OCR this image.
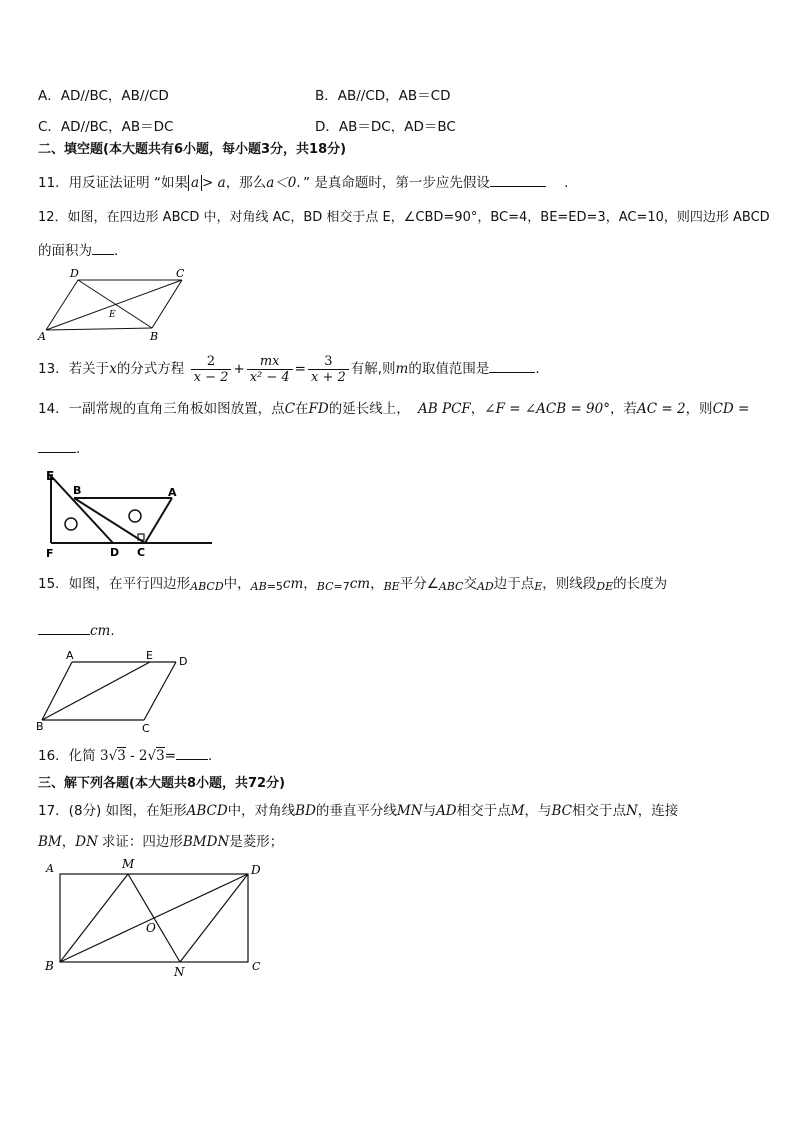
A．AD//BC，AB//CD	B．AB//CD，AB＝CD
C．AD//BC，AB＝DC	D．AB＝DC，AD＝BC
二、填空题(本大题共有6小题，每小题3分，共18分)
11．用反证法证明 “如果 a > a，那么a＜0．” 是真命题时，第一步应先假设	.
12．如图，在四边形 ABCD 中，对角线 AC，BD 相交于点 E，∠CBD=90°，BC=4，BE=ED=3，AC=10，则四边形 ABCD
的面积为 .
D	C
E
A	B
13．若关于x的分式方程 $\frac{2}{x - 2} + \frac{mx}{\text{x² − 4}} = \frac{3}{x + 2}$ 有解,则m的取值范围是	.
14．一副常规的直角三角板如图放置，点C在FD的延长线上， AB PCF，∠F = ∠ACB = 90°，若AC = 2，则CD =
.
E
B	A
F	D C
15．如图，在平行四边形ABCD中，AB=5cm，BC=7cm，BE平分∠ABC交AD边于点E，则线段DE的长度为
cm.
A	E D
B	C
16．化简 3√3 - 2√3= .
三、解下列各题(本大题共8小题，共72分)
17．(8分) 如图，在矩形ABCD中，对角线BD的垂直平分线MN与AD相交于点M，与BC相交于点N，连接
BM，DN 求证：四边形BMDN是菱形；
A	M	D
O
B	N	C
